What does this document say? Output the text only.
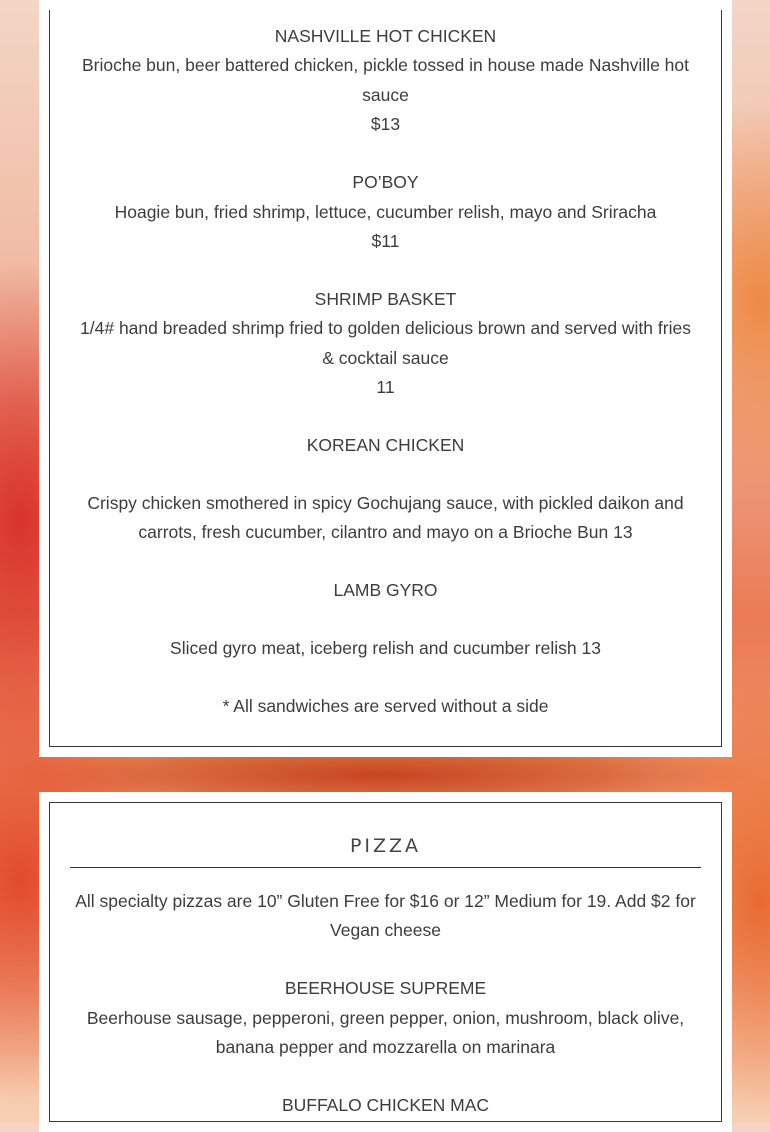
NASHVILLE HOT CHICKEN
Brioche bun, beer battered chicken, pickle tossed in house made Nashville hot
sauce
$13
PO’BOY
Hoagie bun, fried shrimp, lettuce, cucumber relish, mayo and Sriracha
$11
SHRIMP BASKET
1/4# hand breaded shrimp fried to golden delicious brown and served with fries
& cocktail sauce
11
KOREAN CHICKEN
Crispy chicken smothered in spicy Gochujang sauce, with pickled daikon and
carrots, fresh cucumber, cilantro and mayo on a Brioche Bun 13
LAMB GYRO
Sliced gyro meat, iceberg relish and cucumber relish 13
* All sandwiches are served without a side
PIZZA
All specialty pizzas are 10” Gluten Free for $16 or 12” Medium for 19. Add $2 for
Vegan cheese
BEERHOUSE SUPREME
Beerhouse sausage, pepperoni, green pepper, onion, mushroom, black olive,
banana pepper and mozzarella on marinara
BUFFALO CHICKEN MAC
